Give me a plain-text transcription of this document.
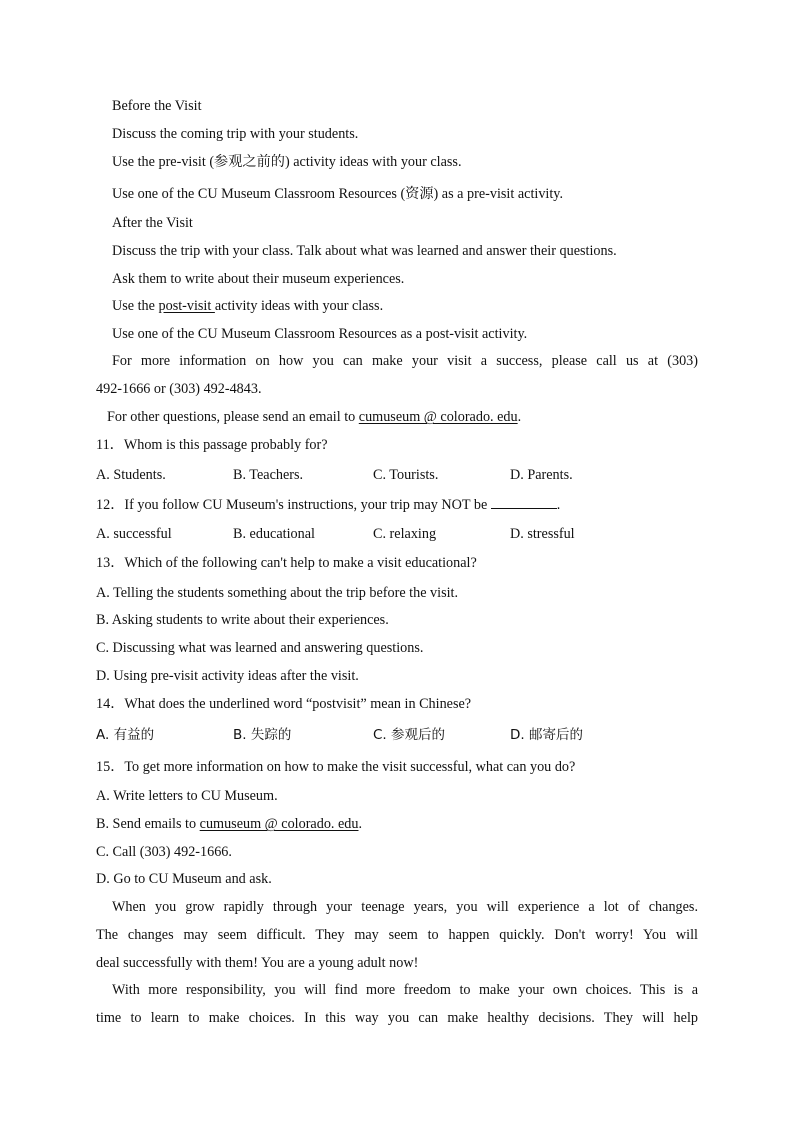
Before the Visit
Discuss the coming trip with your students.
Use the pre-visit (参观之前的) activity ideas with your class.
Use one of the CU Museum Classroom Resources (资源) as a pre-visit activity.
After the Visit
Discuss the trip with your class. Talk about what was learned and answer their questions.
Ask them to write about their museum experiences.
Use the post-visit activity ideas with your class.
Use one of the CU Museum Classroom Resources as a post-visit activity.
For more information on how you can make your visit a success, please call us at (303)
492-1666 or (303) 492-4843.
For other questions, please send an email to cumuseum @ colorado. edu.
11．Whom is this passage probably for?
A. Students.	B. Teachers.	C. Tourists.	D. Parents.
12．If you follow CU Museum's instructions, your trip may NOT be	.
A. successful	B. educational	C. relaxing	D. stressful
13．Which of the following can't help to make a visit educational?
A. Telling the students something about the trip before the visit.
B. Asking students to write about their experiences.
C. Discussing what was learned and answering questions.
D. Using pre-visit activity ideas after the visit.
14．What does the underlined word “postvisit” mean in Chinese?
A. 有益的	B. 失踪的	C. 参观后的	D. 邮寄后的
15．To get more information on how to make the visit successful, what can you do?
A. Write letters to CU Museum.
B. Send emails to cumuseum @ colorado. edu.
C. Call (303) 492-1666.
D. Go to CU Museum and ask.
When you grow rapidly through your teenage years, you will experience a lot of changes.
The changes may seem difficult. They may seem to happen quickly. Don't worry! You will
deal successfully with them! You are a young adult now!
With more responsibility, you will find more freedom to make your own choices. This is a
time to learn to make choices. In this way you can make healthy decisions. They will help
